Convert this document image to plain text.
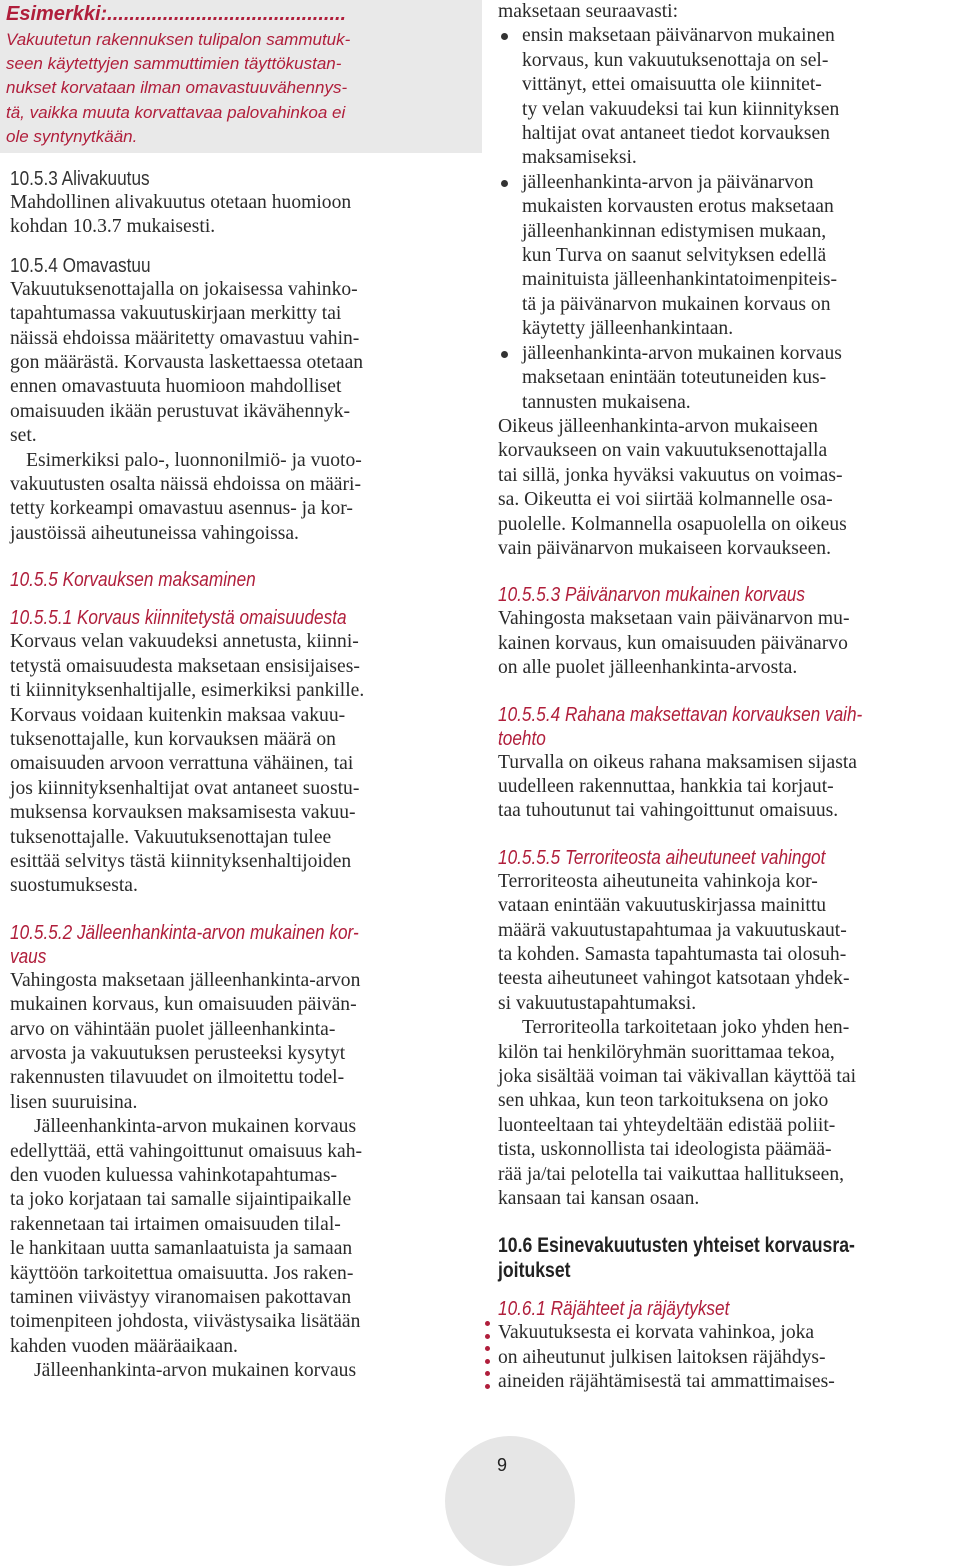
Esimerkki:...........................................
Vakuutetun rakennuksen tulipalon sammutuk-
seen käytettyjen sammuttimien täyttökustan-
nukset korvataan ilman omavastuuvähennys-
tä, vaikka muuta korvattavaa palovahinkoa ei
ole syntynytkään.
10.5.3 Alivakuutus

Mahdollinen alivakuutus otetaan huomioon
kohdan 10.3.7 mukaisesti.

10.5.4 Omavastuu

Vakuutuksenottajalla on jokaisessa vahinko-
tapahtumassa vakuutuskirjaan merkitty tai
näissä ehdoissa määritetty omavastuu vahin-
gon määrästä. Korvausta laskettaessa otetaan
ennen omavastuuta huomioon mahdolliset
omaisuuden ikään perustuvat ikävähennyk-
set.

Esimerkiksi palo-, luonnonilmiö- ja vuoto-
vakuutusten osalta näissä ehdoissa on määri-
tetty korkeampi omavastuu asennus- ja kor-
jaustöissä aiheutuneissa vahingoissa.

10.5.5 Korvauksen maksaminen
10.5.5.1 Korvaus kiinnitetystä omaisuudesta

Korvaus velan vakuudeksi annetusta, kiinni-
tetystä omaisuudesta maksetaan ensisijaises-
ti kiinnityksenhaltijalle, esimerkiksi pankille.
Korvaus voidaan kuitenkin maksaa vakuu-
tuksenottajalle, kun korvauksen määrä on
omaisuuden arvoon verrattuna vähäinen, tai
jos kiinnityksenhaltijat ovat antaneet suostu-
muksensa korvauksen maksamisesta vakuu-
tuksenottajalle. Vakuutuksenottajan tulee
esittää selvitys tästä kiinnityksenhaltijoiden
suostumuksesta.

10.5.5.2 Jälleenhankinta-arvon mukainen kor-
vaus

Vahingosta maksetaan jälleenhankinta-arvon
mukainen korvaus, kun omaisuuden päivän-
arvo on vähintään puolet jälleenhankinta-
arvosta ja vakuutuksen perusteeksi kysytyt
rakennusten tilavuudet on ilmoitettu todel-
lisen suuruisina.
Jälleenhankinta-arvon mukainen korvaus
edellyttää, että vahingoittunut omaisuus kah-
den vuoden kuluessa vahinkotapahtumas-
ta joko korjataan tai samalle sijaintipaikalle
rakennetaan tai irtaimen omaisuuden tilal-
le hankitaan uutta samanlaatuista ja samaan
käyttöön tarkoitettua omaisuutta. Jos raken-
taminen viivästyy viranomaisen pakottavan
toimenpiteen johdosta, viivästysaika lisätään
kahden vuoden määräaikaan.
Jälleenhankinta-arvon mukainen korvaus

maksetaan seuraavasti:

ensin maksetaan päivänarvon mukainen
korvaus, kun vakuutuksenottaja on sel-
vittänyt, ettei omaisuutta ole kiinnitet-
ty velan vakuudeksi tai kun kiinnityksen
haltijat ovat antaneet tiedot korvauksen
maksamiseksi.
jälleenhankinta-arvon ja päivänarvon
mukaisten korvausten erotus maksetaan
jälleenhankinnan edistymisen mukaan,
kun Turva on saanut selvityksen edellä
mainituista jälleenhankintatoimenpiteis-
tä ja päivänarvon mukainen korvaus on
käytetty jälleenhankintaan.
jälleenhankinta-arvon mukainen korvaus
maksetaan enintään toteutuneiden kus-
tannusten mukaisena.

Oikeus jälleenhankinta-arvon mukaiseen
korvaukseen on vain vakuutuksenottajalla
tai sillä, jonka hyväksi vakuutus on voimas-
sa. Oikeutta ei voi siirtää kolmannelle osa-
puolelle. Kolmannella osapuolella on oikeus
vain päivänarvon mukaiseen korvaukseen.

10.5.5.3 Päivänarvon mukainen korvaus

Vahingosta maksetaan vain päivänarvon mu-
kainen korvaus, kun omaisuuden päivänarvo
on alle puolet jälleenhankinta-arvosta.

10.5.5.4 Rahana maksettavan korvauksen vaih-
toehto

Turvalla on oikeus rahana maksamisen sijasta
uudelleen rakennuttaa, hankkia tai korjaut-
taa tuhoutunut tai vahingoittunut omaisuus.

10.5.5.5 Terroriteosta aiheutuneet vahingot

Terroriteosta aiheutuneita vahinkoja kor-
vataan enintään vakuutuskirjassa mainittu
määrä vakuutustapahtumaa ja vakuutuskaut-
ta kohden. Samasta tapahtumasta tai olosuh-
teesta aiheutuneet vahingot katsotaan yhdek-
si vakuutustapahtumaksi.
Terroriteolla tarkoitetaan joko yhden hen-
kilön tai henkilöryhmän suorittamaa tekoa,
joka sisältää voiman tai väkivallan käyttöä tai
sen uhkaa, kun teon tarkoituksena on joko
luonteeltaan tai yhteydeltään edistää poliit-
tista, uskonnollista tai ideologista päämää-
rää ja/tai pelotella tai vaikuttaa hallitukseen,
kansaan tai kansan osaan.

10.6 Esinevakuutusten yhteiset korvausra-
joitukset
10.6.1 Räjähteet ja räjäytykset

Vakuutuksesta ei korvata vahinkoa, joka
on aiheutunut julkisen laitoksen räjähdys-
aineiden räjähtämisestä tai ammattimaises-

9
